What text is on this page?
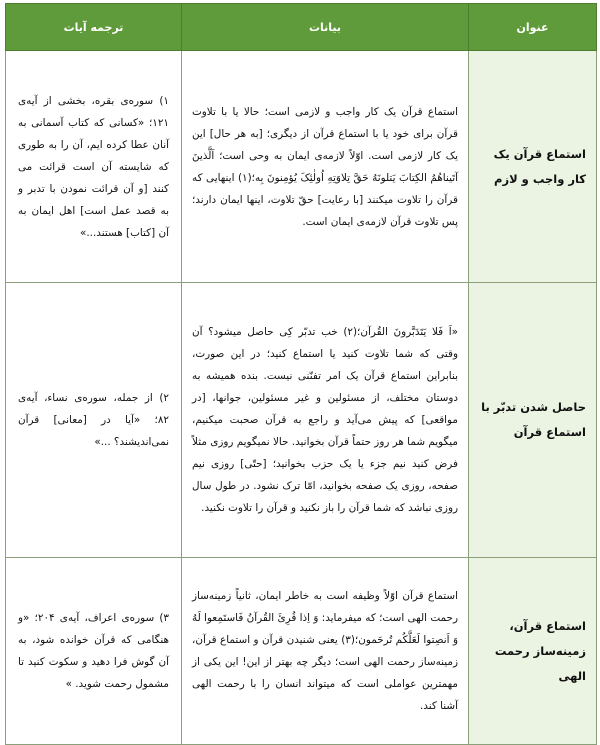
عنوان	بیانات	ترجمه آیات
استماع قرآن یک کار واجب و لازم	استماع قرآن یک کار واجب و لازمی است؛ حالا یا با تلاوت قرآن برای خود یا با استماع قرآن از دیگری؛ [به هر حال] این یک کار لازمی است. اوّلاً لازمه‌ی ایمان به وحی است؛ اَلَّذینَ آتَیناهُمُ الکِتابَ یَتلونَهُ حَقَّ تِلاوَتِهِ اُولٰئِکَ یُؤمِنونَ بِه؛(۱) اینهایی که قرآن را تلاوت میکنند [با رعایت] حقّ تلاوت، اینها ایمان دارند؛ پس تلاوت قرآن لازمه‌ی ایمان است.	۱) سوره‌ی بقره، بخشی از آیه‌ی ۱۲۱؛ «کسانی که کتاب آسمانی به آنان عطا کرده ایم، آن را به طوری که شایسته آن است قرائت می کنند [و آن قرائت نمودن با تدبر و به قصد عمل است] اهل ایمان به آن [کتاب] هستند...»
حاصل شدن تدبّر با استماع قرآن	«اَ فَلا یَتَدَبَّرونَ القُرآن؛(۲) خب تدبّر کِی حاصل میشود؟ آن وقتی که شما تلاوت کنید یا استماع کنید؛ در این صورت، بنابراین استماع قرآن یک امر تفنّنی نیست. بنده همیشه به دوستان مختلف، از مسئولین و غیر مسئولین، جوانها، [در مواقعی] که پیش می‌آید و راجع به قرآن صحبت میکنیم، میگویم شما هر روز حتماً قرآن بخوانید. حالا نمیگویم روزی مثلاً فرض کنید نیم جزء یا یک حزب بخوانید؛ [حتّی] روزی نیم صفحه، روزی یک صفحه بخوانید، امّا ترک نشود. در طول سال روزی نباشد که شما قرآن را باز نکنید و قرآن را تلاوت نکنید.	۲) از جمله، سوره‌ی نساء، آیه‌ی ۸۲؛ «آیا در [معانی] قرآن نمی‌اندیشند؟ ...»
استماع قرآن، زمینه‌ساز رحمت الهی	استماع قرآن اوّلاً وظیفه است به خاطر ایمان، ثانیاً زمینه‌ساز رحمت الهی است؛ که میفرماید: وَ اِذا قُرِئَ القُرآنُ فَاستَمِعوا لَهُ وَ اَنصِتوا لَعَلَّکُم تُرحَمون؛(۳) یعنی شنیدن قرآن و استماع قرآن، زمینه‌ساز رحمت الهی است؛ دیگر چه بهتر از این! این یکی از مهمترین عواملی است که میتواند انسان را با رحمت الهی آشنا کند.	۳) سوره‌ی اعراف، آیه‌ی ۲۰۴؛ «و هنگامی که قرآن خوانده شود، به آن گوش فرا دهید و سکوت کنید تا مشمول رحمت شوید. »
